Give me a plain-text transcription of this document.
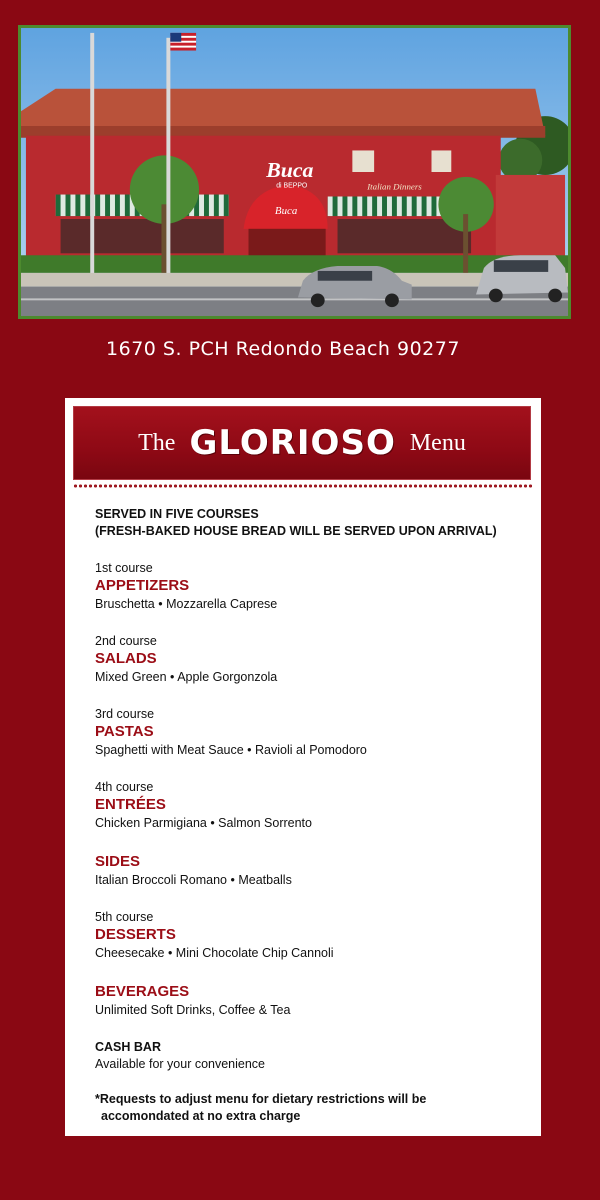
Buca
Buca
di BEPPO	Italian Dinners
1670 S. PCH Redondo Beach 90277
The GLORIOSO Menu

SERVED IN FIVE COURSES
(FRESH-BAKED HOUSE BREAD WILL BE SERVED UPON ARRIVAL)

1st course
APPETIZERS
Bruschetta • Mozzarella Caprese
2nd course
SALADS
Mixed Green • Apple Gorgonzola
3rd course
PASTAS
Spaghetti with Meat Sauce • Ravioli al Pomodoro
4th course
ENTRÉES
Chicken Parmigiana • Salmon Sorrento
SIDES
Italian Broccoli Romano • Meatballs
5th course
DESSERTS
Cheesecake • Mini Chocolate Chip Cannoli
BEVERAGES
Unlimited Soft Drinks, Coffee & Tea
CASH BAR
Available for your convenience
*Requests to adjust menu for dietary restrictions will be
accomondated at no extra charge
